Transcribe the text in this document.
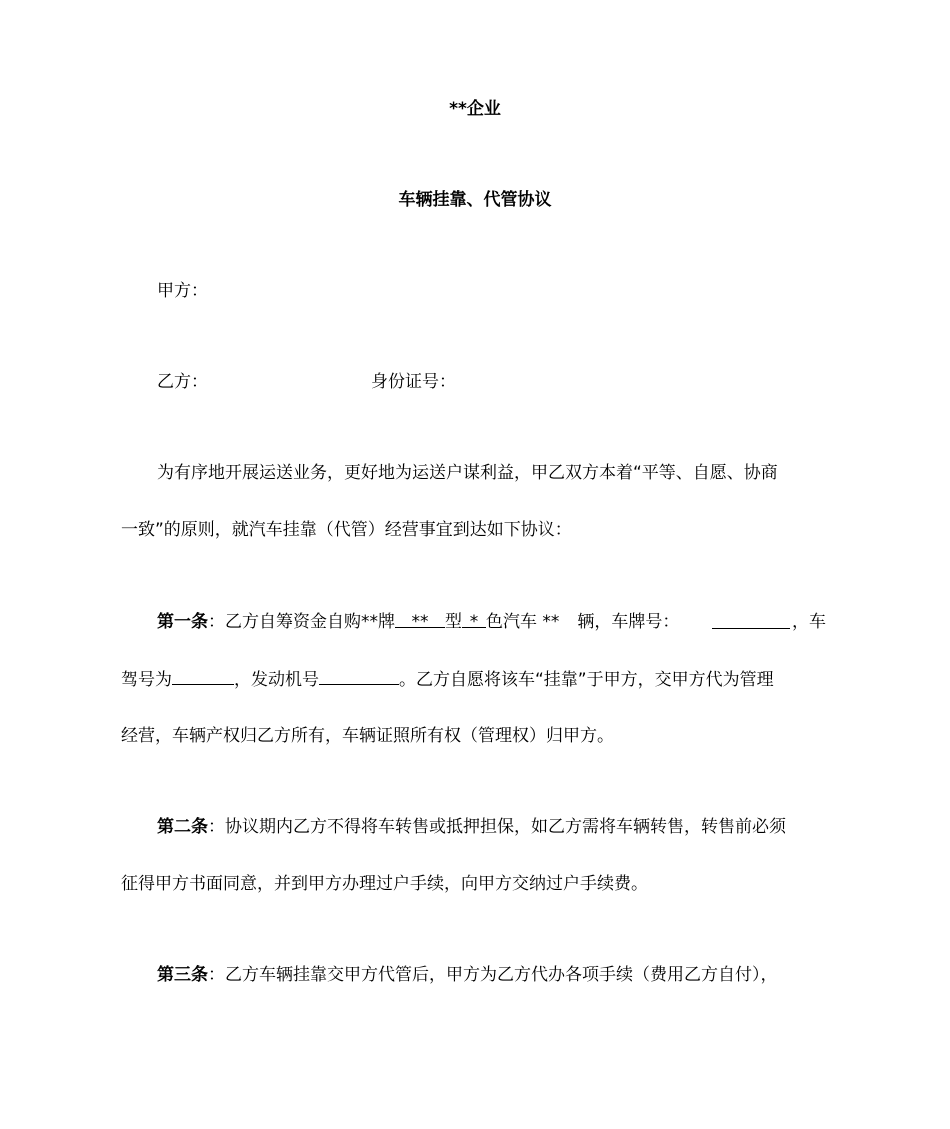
**企业

车辆挂靠、代管协议

甲方：

乙方：	身份证号：

为有序地开展运送业务，更好地为运送户谋利益，甲乙双方本着“平等、自愿、协商

一致”的原则，就汽车挂靠（代管）经营事宜到达如下协议：

第一条：乙方自筹资金自购**牌 ** 型 * 色汽车 ** 辆，车牌号：	，车

驾号为	，发动机号	。乙方自愿将该车“挂靠”于甲方，交甲方代为管理

经营，车辆产权归乙方所有，车辆证照所有权（管理权）归甲方。

第二条：协议期内乙方不得将车转售或抵押担保，如乙方需将车辆转售，转售前必须

征得甲方书面同意，并到甲方办理过户手续，向甲方交纳过户手续费。

第三条：乙方车辆挂靠交甲方代管后，甲方为乙方代办各项手续（费用乙方自付），
